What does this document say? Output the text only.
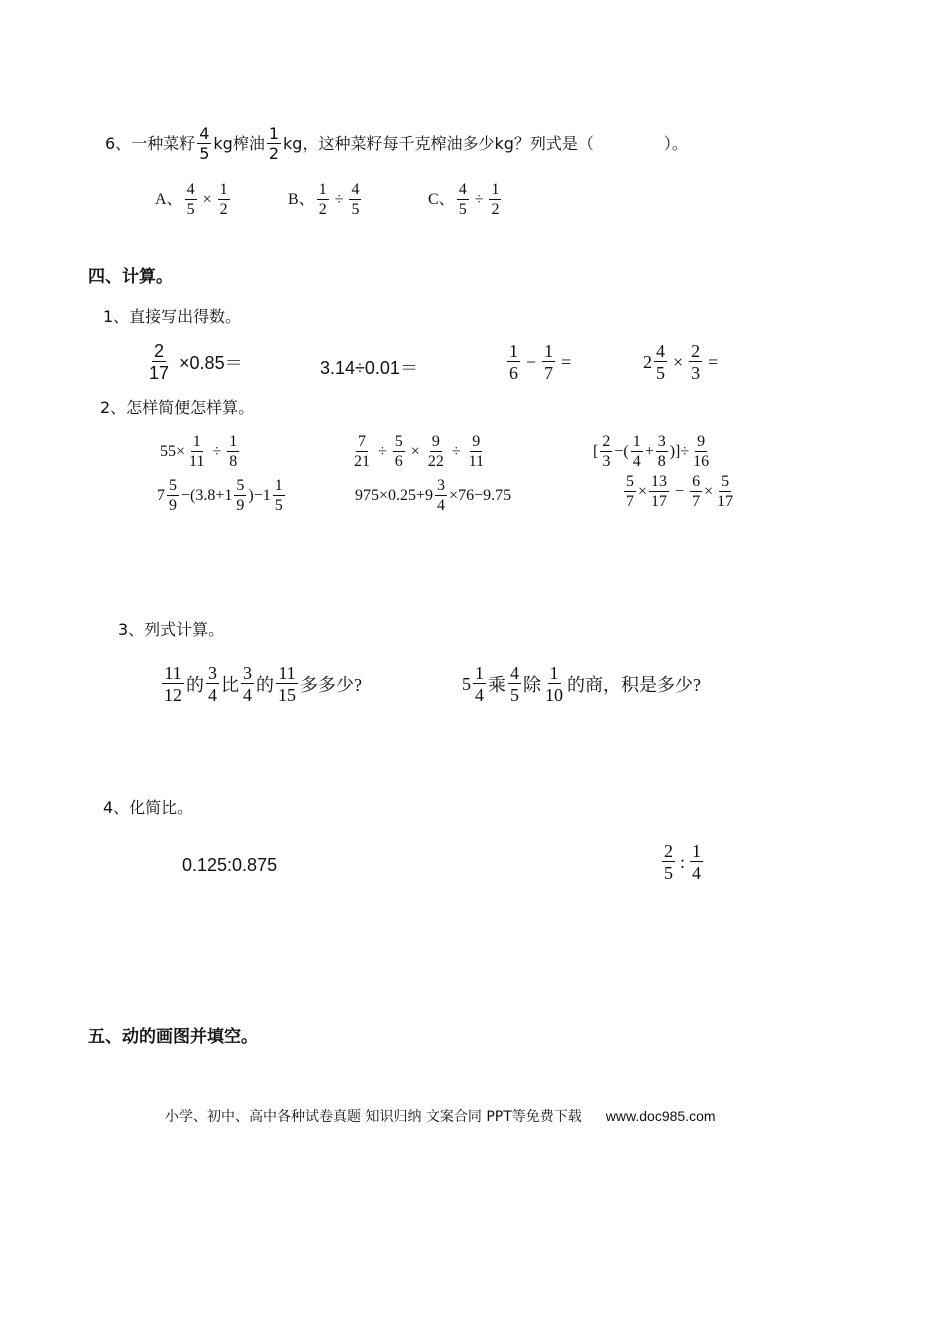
6、 一种菜籽 $\frac{4}{5}$ kg榨油 $\frac{1}{2}$ kg，这种菜籽每千克榨油多少kg？列式是（	）。
A、 $\frac{4}{5} \times \frac{1}{2}$	B、 $\frac{1}{2} \div \frac{4}{5}$	C、 $\frac{4}{5} \div \frac{1}{2}$
四、计算。
1、直接写出得数。
$\frac{2}{17} \times 0.85=$	3.14÷0.01＝	$\frac{1}{6} - \frac{1}{7}$ =	$2 \frac{4}{5} \times \frac{2}{3}$ =
2、怎样简便怎样算。
$55\times \frac{1}{11} \div \frac{1}{8}$	$\frac{7}{21} \div \frac{5}{6} \times \frac{9}{22} \div \frac{9}{11}$	[ $\frac{2}{3}$ −( $\frac{1}{4} + \frac{3}{8}$ )]÷ $\frac{9}{16}$
$7 \frac{5}{9} -(3.8+1 \frac{5}{9} )-1 \frac{1}{5}$	$975\times 0.25+9 \frac{3}{4} \times 76-9.75$	$\frac{5}{7} \times \frac{13}{17} - \frac{6}{7} \times \frac{5}{17}$
3、列式计算。
$\frac{11}{12}$ 的 $\frac{3}{4}$ 比 $\frac{3}{4}$ 的 $\frac{11}{15}$ 多多少?	$5 \frac{1}{4}$ 乘 $\frac{4}{5}$ 除 $\frac{1}{10}$ 的商，积是多少?
4、化简比。
0.125:0.875	$\frac{2}{5}$ : $\frac{1}{4}$
五、动的画图并填空。
小学、初中、高中各种试卷真题 知识归纳 文案合同 PPT等免费下载 www.doc985.com
